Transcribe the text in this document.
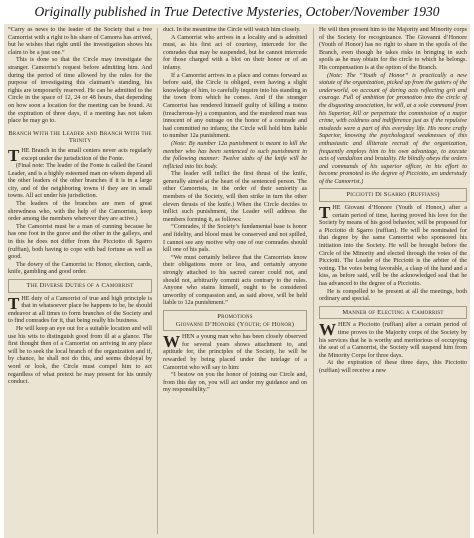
Originally published in True Detective Mysteries, October/November 1930

“Carry as news to the leader of the Society that a free Camorrist with a right to his share of Camorra has arrived, but he wishes that right until the investigation shows his claim to be a just one.”

This is done so that the Circle may investigate the stranger. Camorrist’s request before admitting him. And during the period of time allowed by the rules for the purpose of investigating this claimant’s standing, his rights are temporarily reserved. He can be admitted to the Circle in the space of 12, 24 or 48 hours, that depending on how soon a location for the meeting can be found. At the expiration of three days, if a meeting has not taken place he may go to.

Branch With the Leader and Branch With the Trinity

THE Branch in the small centers never acts regularly except under the jurisdiction of the Fonte.

(Final note: The leader of the Fonte is called the Grand Leader, and is a highly esteemed man on whom depend all the other leaders of the other branches if it is in a large city, and of the neighboring towns if they are in small towns. All act under his jurisdiction.

The leaders of the branches are men of great shrewdness who, with the help of the Camorrists, keep order among the members wherever they are active.)

The Camorrist must be a man of cunning because he has one foot in the grave and the other in the galleys, and in this he does not differ from the Picciotto di Sgarro (ruffian), both having to cope with bad fortune as well as good.

The dowry of the Camorrist is: Honor, election, cards, knife, gambling and good order.

The Diverse Duties of a Camorrist

THE duty of a Camorrist of true and high principle is that in whatsoever place he happens to be, he should endeavor at all times to form branches of the Society and to find comrades for it, that being really his business.

He will keep an eye out for a suitable location and will use his wits to distinguish good from ill at a glance. The first thought then of a Camorrist on arriving in any place will be to seek the local branch of the organization and if, by chance, he shall not do this, and seems disloyal by word or look, the Circle must compel him to act regardless of what pretext he may present for his unruly conduct.

duct. In the meantime the Circle will watch him closely.

A Camorrist who arrives in a locality and is admitted must, as his first act of courtesy, intercede for the comrades that may be suspended, but he cannot intercede for those charged with a blot on their honor or of an infamy.

If a Camorrist arrives in a place and comes forward as before said, the Circle is obliged, even having a slight knowledge of him, to carefully inquire into his standing in the town from which he comes. And if the stranger Camorrist has rendered himself guilty of killing a traino (treacherous-ly) a companion, and the murdered man was innocent of any outrage on the honor of a comrade and had committed no infamy, the Circle will hold him liable to number 12a punishment.

(Note: By number 12a punishment is meant to kill the member who has been sentenced to such punishment in the following manner: Twelve stabs of the knife will be inflicted into his body.

The leader will inflict the first thrust of the knife, generally aimed at the heart of the sentenced person. The other Camorrists, in the order of their seniority as members of the Society, will then strike in turn the other eleven thrusts of the knife.) When the Circle decides to inflict such punishment, the Leader will address the members forming it, as follows:

“Comrades, if the Society’s fundamental base is honor and fidelity, and blood must be conserved and not spilled, I cannot see any motive why one of our comrades should kill one of his pals.

“We must certainly believe that the Camorrists know their obligations more or less, and certainly anyone strongly attached to his sacred career could not, and should not, arbitrarily commit acts contrary to the rules. Anyone who stains himself, ought to be considered unworthy of compassion and, as said above, will be held liable to 12a punishment.”

Promotions
Giovanni D’Honore (Youth; of Honor)

WHEN a young man who has been closely observed for several years shows attachment to, and aptitude for, the principles of the Society, he will be rewarded by being placed under the tutelage of a Camorrist who will say to him:

“I bestow on you the honor of joining our Circle and, from this day on, you will act under my guidance and on my responsibility.”

He will then present him to the Majority and Minority corps of the Society for recognizance. The Giovanni d’Honore (Youth of Honor) has no right to share in the spoils of the Branch, even though he takes risks in bringing in such spoils as he may obtain for the circle to which he belongs. His compensation is at the option of the Branch.

(Note: The “Youth of Honor” is practically a new statute of the organization, picked up from the gutters of the underworld, on account of daring acts reflecting grit and courage. Full of ambition for promotion into the circle of the disgusting association, he will, at a sole command from his Superior, kill or perpetrate the commission of a major crime, with coldness and indifference just as if the repulsive misdeeds were a part of this everyday life. His more crafty Superior, knowing the psychological weaknesses of this enthusiastic and illiterate recruit of the organization, frequently employs him to his own advantage, to execute acts of vandalism and brutality. He blindly obeys the orders and commands of his superior officer, in his effort to become promoted to the degree of Picciotto, an understudy of the Camorrist.)

Picciotti Di Sgarro (Ruffians)

THE Giovani d’Honore (Youth of Honor,) after a certain period of time, having proved his love for the Society by means of his good behavior, will be proposed for a Picciotto di Sgarro (ruffian). He will be nominated for that degree by the same Camorrist who sponsored his initiation into the Society. He will be brought before the Circle of the Minority and elected through the votes of the Picciotti. The Leader of the Picciotti is the arbiter of the voting. The votes being favorable, a clasp of the hand and a kiss, as before said, will be the acknowledged seal that he has advanced to the degree of a Picciotto.

He is compelled to be present at all the meetings, both ordinary and special.

Manner of Electing a Camorrist

WHEN a Picciotto (ruffian) after a certain period of time proves to the Majority corps of the Society by his services that he is worthy and meritorious of occupying the seat of a Camorrist, the Society will suspend him from the Minority Corps for three days.

At the expiration of these three days, this Picciotto (ruffian) will receive a new
